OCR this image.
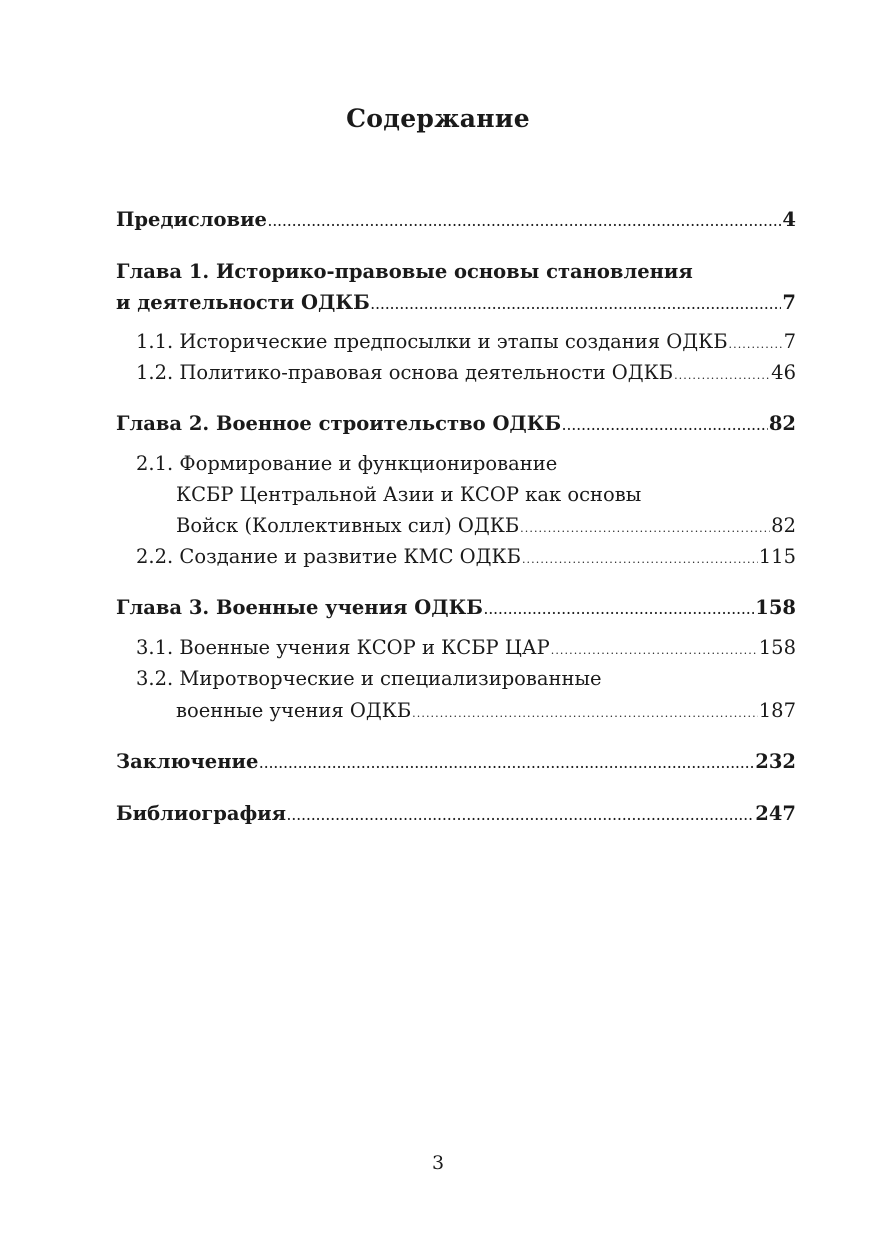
Содержание
Предисловие . . .	4
Глава 1. Историко-правовые основы становления
и деятельности ОДКБ . . .	7
1.1. Исторические предпосылки и этапы создания ОДКБ . . .	7
1.2. Политико-правовая основа деятельности ОДКБ . . .	46
Глава 2. Военное строительство ОДКБ . . .	82
2.1. Формирование и функционирование
КСБР Центральной Азии и КСОР как основы
Войск (Коллективных сил) ОДКБ . . .	82
2.2. Создание и развитие КМС ОДКБ . . .	115
Глава 3. Военные учения ОДКБ . . .	158
3.1. Военные учения КСОР и КСБР ЦАР . . .	158
3.2. Миротворческие и специализированные
военные учения ОДКБ . . .	187
Заключение . . .	232
Библиография . . .	247
3
